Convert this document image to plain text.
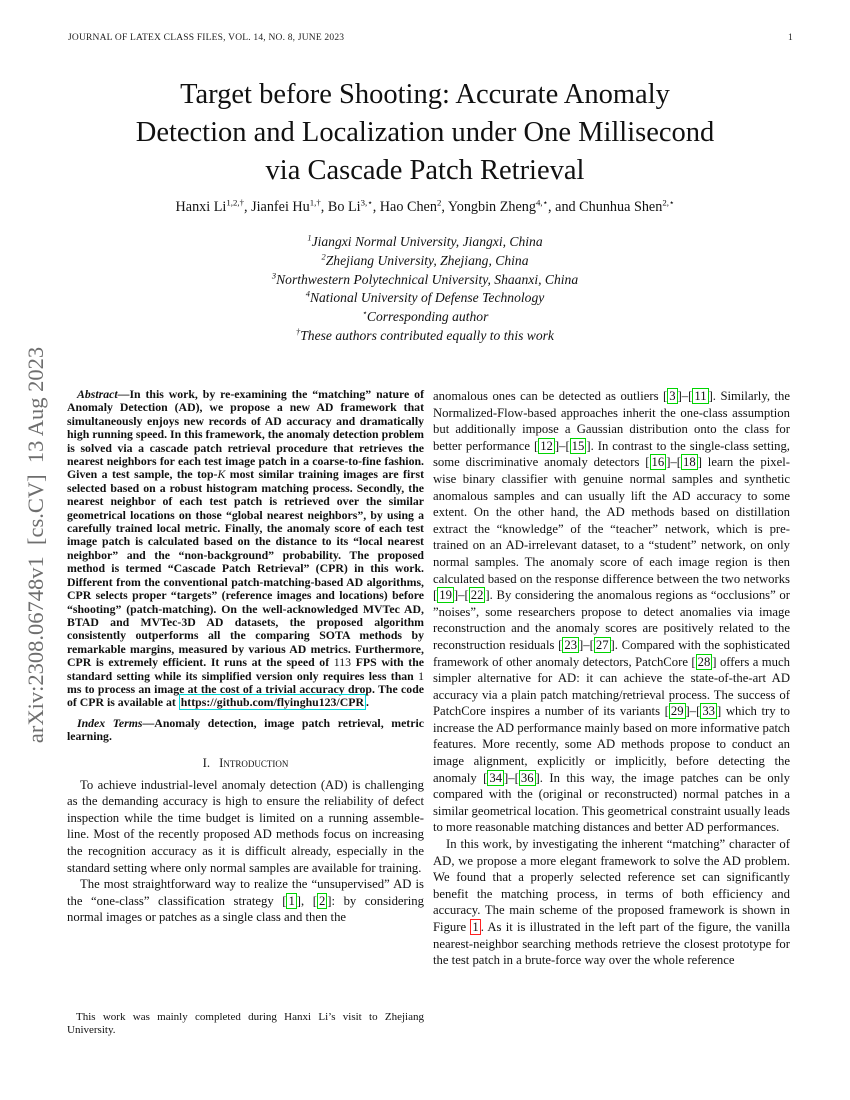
JOURNAL OF LATEX CLASS FILES, VOL. 14, NO. 8, JUNE 2023	1
arXiv:2308.06748v1  [cs.CV]  13 Aug 2023
Target before Shooting: Accurate Anomaly
Detection and Localization under One Millisecond
via Cascade Patch Retrieval
Hanxi $Li^{1,2,\dagger}$, Jianfei $Hu^{1,\dagger}$, Bo $Li^{3,⋆}$, Hao Chen$^2$, Yongbin Zheng$^{4,⋆}$, and Chunhua Shen$^{2,⋆}$
$^1$Jiangxi Normal University, Jiangxi, China
$^2$Zhejiang University, Zhejiang, China
$^3$Northwestern Polytechnical University, Shaanxi, China
$^4$National University of Defense Technology
⋆Corresponding author
†These authors contributed equally to this work

Abstract—In this work, by re-examining the “matching” nature of Anomaly Detection (AD), we propose a new AD framework that simultaneously enjoys new records of AD accuracy and dramatically high running speed. In this framework, the anomaly detection problem is solved via a cascade patch retrieval procedure that retrieves the nearest neighbors for each test image patch in a coarse-to-fine fashion. Given a test sample, the top-K most similar training images are first selected based on a robust histogram matching process. Secondly, the nearest neighbor of each test patch is retrieved over the similar geometrical locations on those “global nearest neighbors”, by using a carefully trained local metric. Finally, the anomaly score of each test image patch is calculated based on the distance to its “local nearest neighbor” and the “non-background” probability. The proposed method is termed “Cascade Patch Retrieval” (CPR) in this work. Different from the conventional patch-matching-based AD algorithms, CPR selects proper “targets” (reference images and locations) before “shooting” (patch-matching). On the well-acknowledged MVTec AD, BTAD and MVTec-3D AD datasets, the proposed algorithm consistently outperforms all the comparing SOTA methods by remarkable margins, measured by various AD metrics. Furthermore, CPR is extremely efficient. It runs at the speed of 113 FPS with the standard setting while its simplified version only requires less than 1 ms to process an image at the cost of a trivial accuracy drop. The code of CPR is available at https://github.com/flyinghu123/CPR .

Index Terms—Anomaly detection, image patch retrieval, metric learning.

I. Introduction

To achieve industrial-level anomaly detection (AD) is challenging as the demanding accuracy is high to ensure the reliability of defect inspection while the time budget is limited on a running assemble-line. Most of the recently proposed AD methods focus on increasing the recognition accuracy as it is difficult already, especially in the standard setting where only normal samples are available for training.

The most straightforward way to realize the “unsupervised” AD is the “one-class” classification strategy [ 1 ], [ 2 ]: by considering normal images or patches as a single class and then the

anomalous ones can be detected as outliers [ 3 ]–[ 11 ]. Similarly, the Normalized-Flow-based approaches inherit the one-class assumption but additionally impose a Gaussian distribution onto the class for better performance [ 12 ]–[ 15 ]. In contrast to the single-class setting, some discriminative anomaly detectors [ 16 ]–[ 18 ] learn the pixel-wise binary classifier with genuine normal samples and synthetic anomalous samples and can usually lift the AD accuracy to some extent. On the other hand, the AD methods based on distillation extract the “knowledge” of the “teacher” network, which is pre-trained on an AD-irrelevant dataset, to a “student” network, on only normal samples. The anomaly score of each image region is then calculated based on the response difference between the two networks [ 19 ]–[ 22 ]. By considering the anomalous regions as “occlusions” or ”noises”, some researchers propose to detect anomalies via image reconstruction and the anomaly scores are positively related to the reconstruction residuals [ 23 ]–[ 27 ]. Compared with the sophisticated framework of other anomaly detectors, PatchCore [ 28 ] offers a much simpler alternative for AD: it can achieve the state-of-the-art AD accuracy via a plain patch matching/retrieval process. The success of PatchCore inspires a number of its variants [ 29 ]–[ 33 ] which try to increase the AD performance mainly based on more informative patch features. More recently, some AD methods propose to conduct an image alignment, explicitly or implicitly, before detecting the anomaly [ 34 ]–[ 36 ]. In this way, the image patches can be only compared with the (original or reconstructed) normal patches in a similar geometrical location. This geometrical constraint usually leads to more reasonable matching distances and better AD performances.

In this work, by investigating the inherent “matching” character of AD, we propose a more elegant framework to solve the AD problem. We found that a properly selected reference set can significantly benefit the matching process, in terms of both efficiency and accuracy. The main scheme of the proposed framework is shown in Figure 1 . As it is illustrated in the left part of the figure, the vanilla nearest-neighbor searching methods retrieve the closest prototype for the test patch in a brute-force way over the whole reference

This work was mainly completed during Hanxi Li’s visit to Zhejiang University.
